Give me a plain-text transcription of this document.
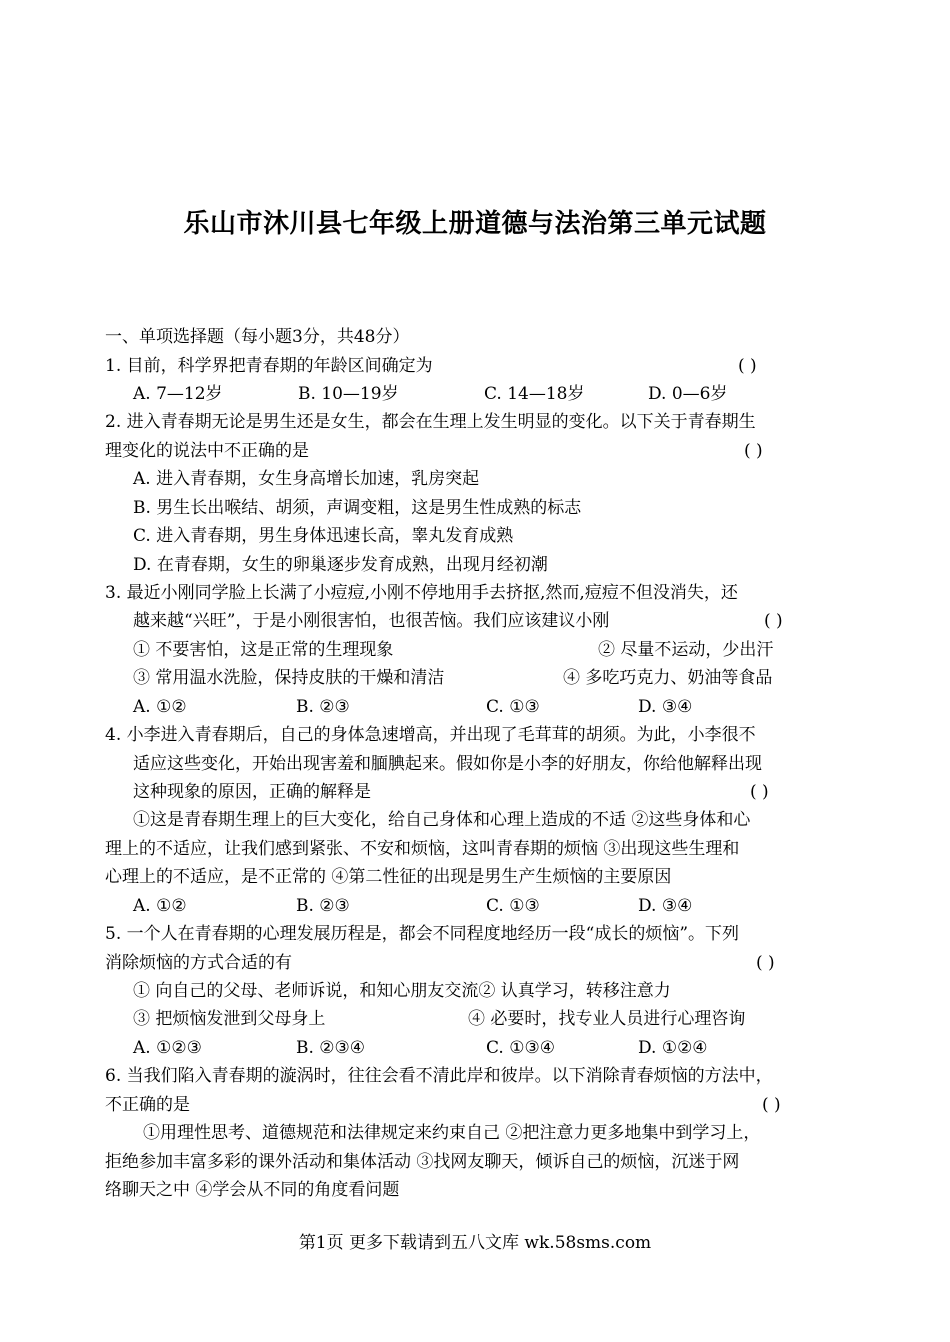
乐山市沐川县七年级上册道德与法治第三单元试题
一、单项选择题（每小题3分，共48分）
1. 目前，科学界把青春期的年龄区间确定为	( )
A. 7—12岁	B. 10—19岁	C. 14—18岁	D. 0—6岁
2. 进入青春期无论是男生还是女生，都会在生理上发生明显的变化。以下关于青春期生
理变化的说法中不正确的是	( )
A. 进入青春期，女生身高增长加速，乳房突起
B. 男生长出喉结、胡须，声调变粗，这是男生性成熟的标志
C. 进入青春期，男生身体迅速长高，睾丸发育成熟
D. 在青春期，女生的卵巢逐步发育成熟，出现月经初潮
3. 最近小刚同学脸上长满了小痘痘,小刚不停地用手去挤抠,然而,痘痘不但没消失，还
越来越“兴旺”，于是小刚很害怕，也很苦恼。我们应该建议小刚	( )
① 不要害怕，这是正常的生理现象	② 尽量不运动，少出汗
③ 常用温水洗脸，保持皮肤的干燥和清洁	④ 多吃巧克力、奶油等食品
A. ①②	B. ②③	C. ①③	D. ③④
4. 小李进入青春期后，自己的身体急速增高，并出现了毛茸茸的胡须。为此，小李很不
适应这些变化，开始出现害羞和腼腆起来。假如你是小李的好朋友，你给他解释出现
这种现象的原因，正确的解释是	( )
①这是青春期生理上的巨大变化，给自己身体和心理上造成的不适 ②这些身体和心
理上的不适应，让我们感到紧张、不安和烦恼，这叫青春期的烦恼 ③出现这些生理和
心理上的不适应，是不正常的 ④第二性征的出现是男生产生烦恼的主要原因
A. ①②	B. ②③	C. ①③	D. ③④
5. 一个人在青春期的心理发展历程是，都会不同程度地经历一段“成长的烦恼”。下列
消除烦恼的方式合适的有	( )
① 向自己的父母、老师诉说，和知心朋友交流② 认真学习，转移注意力
③ 把烦恼发泄到父母身上	④ 必要时，找专业人员进行心理咨询
A. ①②③	B. ②③④	C. ①③④	D. ①②④
6. 当我们陷入青春期的漩涡时，往往会看不清此岸和彼岸。以下消除青春烦恼的方法中，
不正确的是	( )
①用理性思考、道德规范和法律规定来约束自己 ②把注意力更多地集中到学习上，
拒绝参加丰富多彩的课外活动和集体活动 ③找网友聊天，倾诉自己的烦恼，沉迷于网
络聊天之中 ④学会从不同的角度看问题
第1页 更多下载请到五八文库 wk.58sms.com
